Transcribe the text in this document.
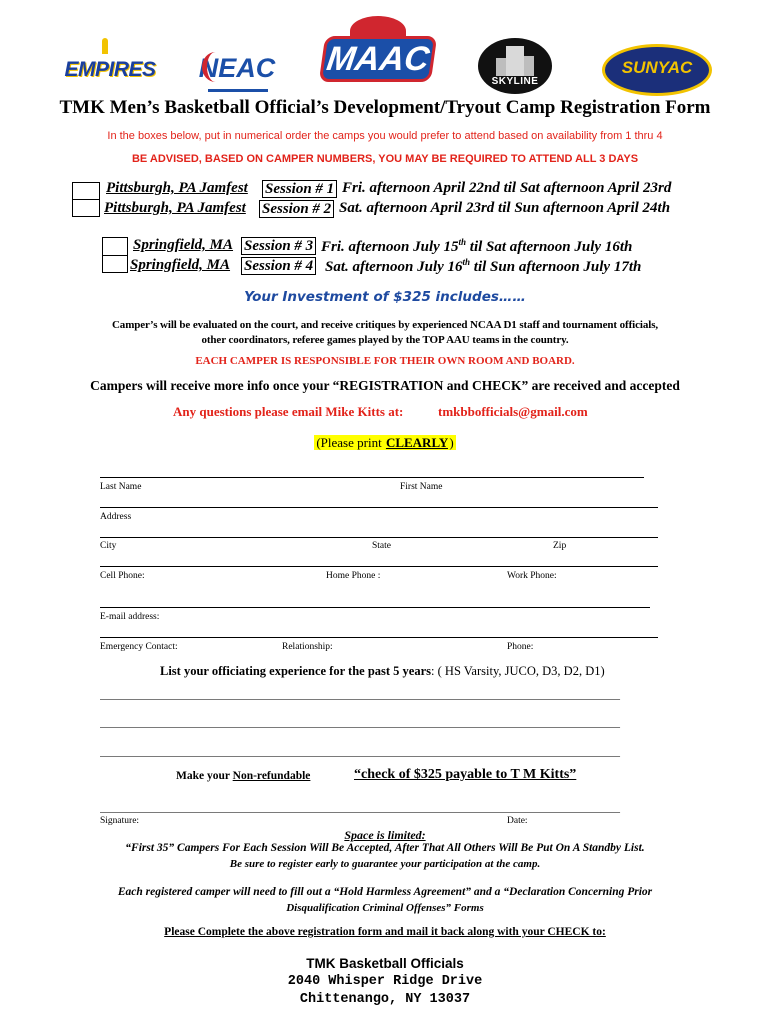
EMPIRES NEAC MAAC
SKYLINE
SUNYAC
TMK Men’s Basketball Official’s Development/Tryout Camp Registration Form
In the boxes below, put in numerical order the camps you would prefer to attend based on availability from 1 thru 4
BE ADVISED, BASED ON CAMPER NUMBERS, YOU MAY BE REQUIRED TO ATTEND ALL 3 DAYS
Pittsburgh, PA Jamfest Session # 1 Fri. afternoon April 22nd til Sat afternoon April 23rd
Pittsburgh, PA Jamfest Session # 2 Sat. afternoon April 23rd til Sun afternoon April 24th
Springfield, MA Session # 3 Fri. afternoon July 15th til Sat afternoon July 16th
Springfield, MA Session # 4 Sat. afternoon July 16th til Sun afternoon July 17th
Your Investment of $325 includes……
Camper’s will be evaluated on the court, and receive critiques by experienced NCAA D1 staff and tournament officials,
other coordinators, referee games played by the TOP AAU teams in the country.
EACH CAMPER IS RESPONSIBLE FOR THEIR OWN ROOM AND BOARD.
Campers will receive more info once your “REGISTRATION and CHECK” are received and accepted
Any questions please email Mike Kitts at:	tmkbbofficials@gmail.com
(Please print CLEARLY)
Last Name	First Name
Address
City	State	Zip
Cell Phone:	Home Phone :	Work Phone:
E-mail address:
Emergency Contact:	Relationship:	Phone:
List your officiating experience for the past 5 years: ( HS Varsity, JUCO, D3, D2, D1)
________________________________________________________________________________________________________
________________________________________________________________________________________________________
________________________________________________________________________________________________________
Make your Non-refundable	“check of $325 payable to T M Kitts”
________________________________________________________________________________________________________
Signature:	Date:
Space is limited:
“First 35” Campers For Each Session Will Be Accepted, After That All Others Will Be Put On A Standby List.
Be sure to register early to guarantee your participation at the camp.
Each registered camper will need to fill out a “Hold Harmless Agreement” and a “Declaration Concerning Prior
Disqualification Criminal Offenses” Forms
Please Complete the above registration form and mail it back along with your CHECK to:
TMK Basketball Officials
2040 Whisper Ridge Drive
Chittenango, NY 13037
